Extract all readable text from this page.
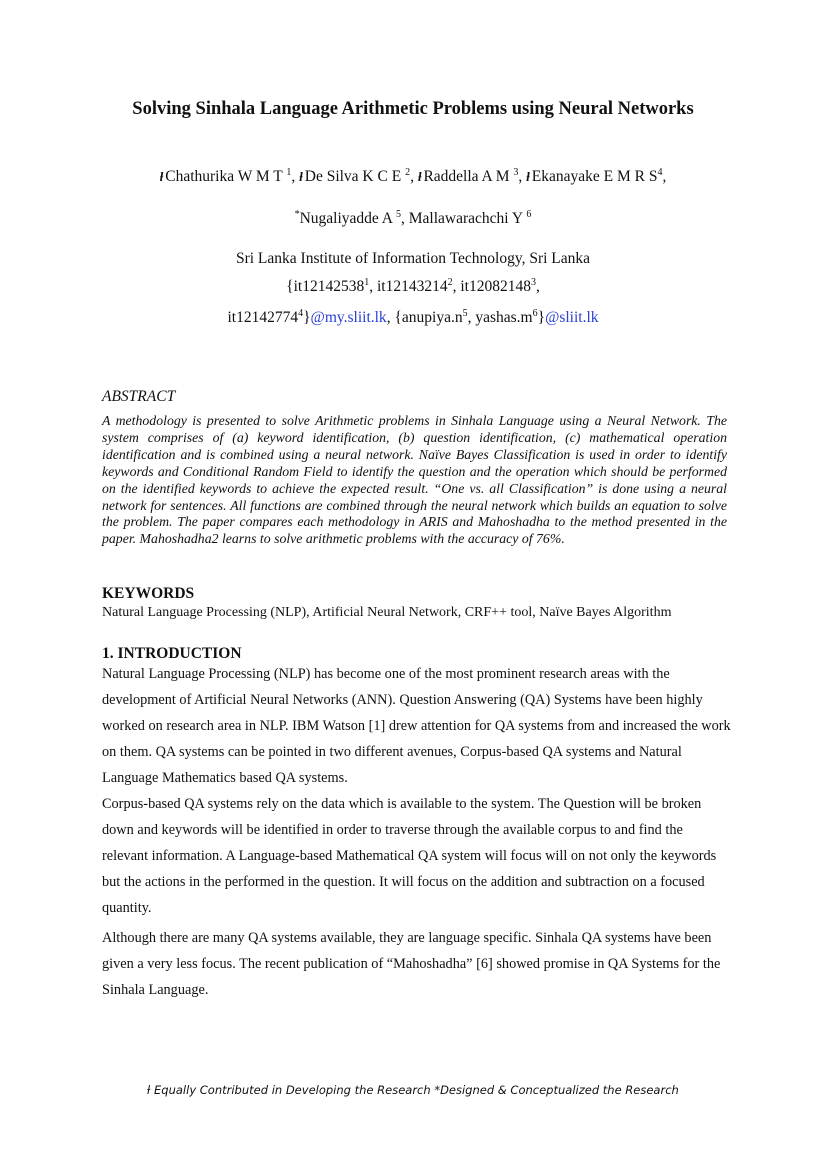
Solving Sinhala Language Arithmetic Problems using Neural Networks
ƚ Chathurika W M T $^1$, ƚ De Silva K C E $^2$, ƚ Raddella A M $^3$, ƚ Ekanayake E M R $S^4$,
*Nugaliyadde A $^5$, Mallawarachchi Y $^6$
Sri Lanka Institute of Information Technology, Sri Lanka
{it12142538$^1$, it12143214$^2$, it12082148$^3$,
it12142774$^4$}@my.sliit.lk, {$anupiya.n^5$, $yashas.m^6\}@sliit.lk$
ABSTRACT

A methodology is presented to solve Arithmetic problems in Sinhala Language using a Neural Network. The system comprises of (a) keyword identification, (b) question identification, (c) mathematical operation identification and is combined using a neural network. Naïve Bayes Classification is used in order to identify keywords and Conditional Random Field to identify the question and the operation which should be performed on the identified keywords to achieve the expected result. “One vs. all Classification” is done using a neural network for sentences. All functions are combined through the neural network which builds an equation to solve the problem. The paper compares each methodology in ARIS and Mahoshadha to the method presented in the paper. Mahoshadha2 learns to solve arithmetic problems with the accuracy of 76%.

KEYWORDS
Natural Language Processing (NLP), Artificial Neural Network, CRF++ tool, Naïve Bayes Algorithm
1. INTRODUCTION

Natural Language Processing (NLP) has become one of the most prominent research areas with the development of Artificial Neural Networks (ANN). Question Answering (QA) Systems have been highly worked on research area in NLP. IBM Watson [1] drew attention for QA systems from and increased the work on them. QA systems can be pointed in two different avenues, Corpus-based QA systems and Natural Language Mathematics based QA systems.

Corpus-based QA systems rely on the data which is available to the system. The Question will be broken down and keywords will be identified in order to traverse through the available corpus to and find the relevant information. A Language-based Mathematical QA system will focus will on not only the keywords but the actions in the performed in the question. It will focus on the addition and subtraction on a focused quantity.

Although there are many QA systems available, they are language specific. Sinhala QA systems have been given a very less focus. The recent publication of “Mahoshadha” [6] showed promise in QA Systems for the Sinhala Language.

ƚ Equally Contributed in Developing the Research *Designed & Conceptualized the Research
